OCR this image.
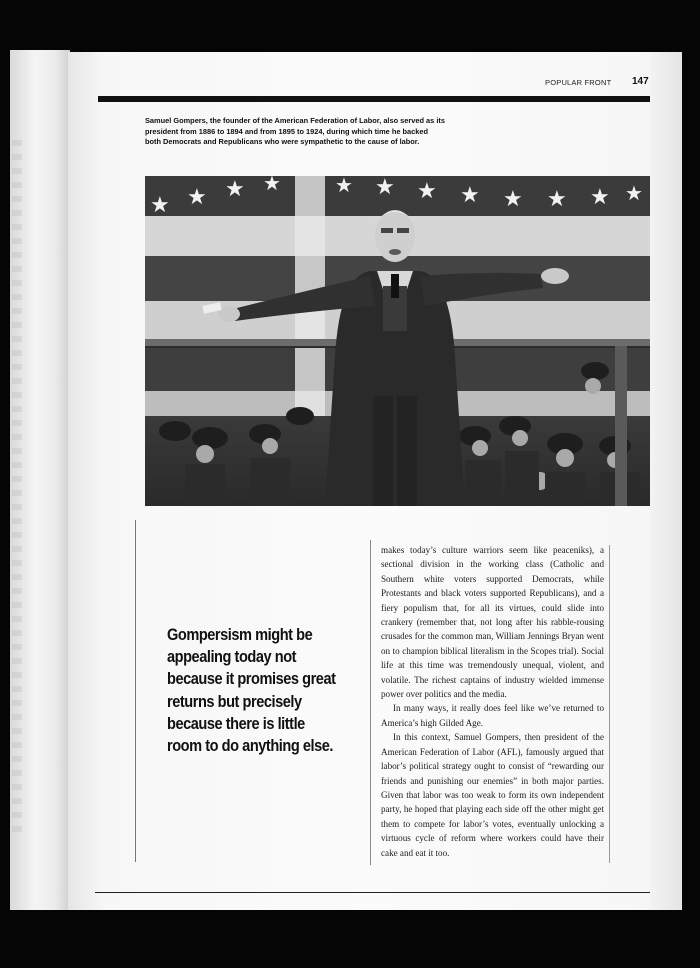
POPULAR FRONT 147
Samuel Gompers, the founder of the American Federation of Labor, also served as its president from 1886 to 1894 and from 1895 to 1924, during which time he backed both Democrats and Republicans who were sympathetic to the cause of labor.
★ ★ ★ ★	★ ★ ★ ★ ★ ★ ★ ★
Gompersism might be appealing today not because it promises great returns but precisely because there is little room to do anything else.

makes today’s culture warriors seem like peaceniks), a sectional division in the working class (Catholic and Southern white voters supported Democrats, while Protestants and black voters supported Republicans), and a fiery populism that, for all its virtues, could slide into crankery (remember that, not long after his rabble-rousing crusades for the common man, William Jennings Bryan went on to champion biblical literalism in the Scopes trial). Social life at this time was tremendously unequal, violent, and volatile. The richest captains of industry wielded immense power over politics and the media.

In many ways, it really does feel like we’ve returned to America’s high Gilded Age.

In this context, Samuel Gompers, then president of the American Federation of Labor (AFL), famously argued that labor’s political strategy ought to consist of “rewarding our friends and punishing our enemies” in both major parties. Given that labor was too weak to form its own independent party, he hoped that playing each side off the other might get them to compete for labor’s votes, eventually unlocking a virtuous cycle of reform where workers could have their cake and eat it too.
